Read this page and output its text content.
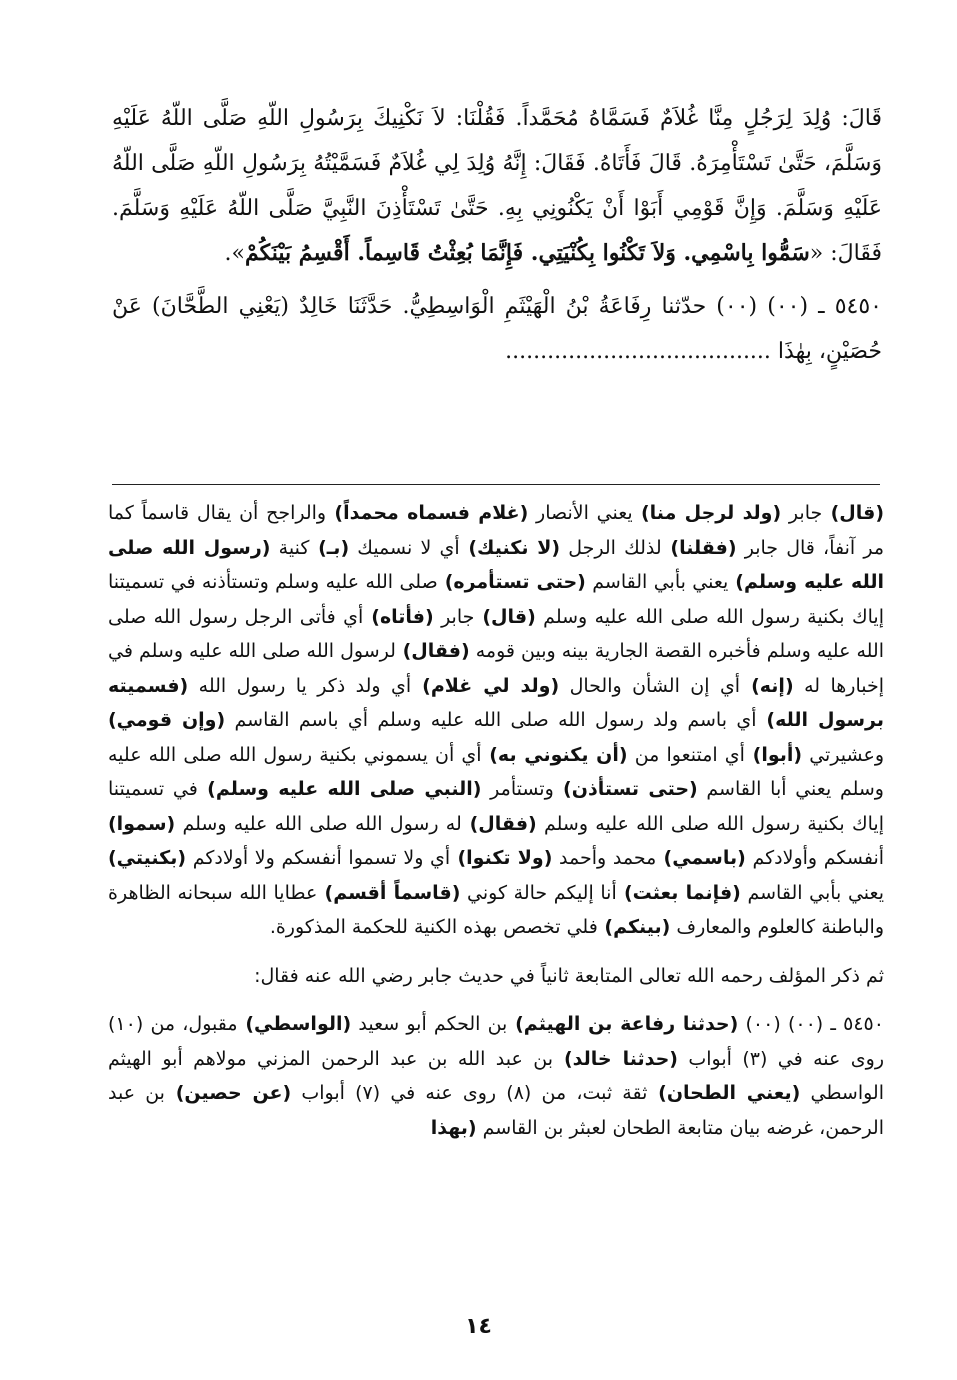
قَالَ: وُلِدَ لِرَجُلٍ مِنَّا غُلاَمٌ فَسَمَّاهُ مُحَمَّداً. فَقُلْنَا: لاَ نَكْنِيكَ بِرَسُولِ اللّهِ صَلَّى اللّهُ عَلَيْهِ وَسَلَّمَ، حَتَّىٰ تَسْتَأْمِرَهُ. قَالَ فَأَتَاهُ. فَقَالَ: إِنَّهُ وُلِدَ لِي غُلاَمٌ فَسَمَّيْتُهُ بِرَسُولِ اللّهِ صَلَّى اللّهُ عَلَيْهِ وَسَلَّمَ. وَإِنَّ قَوْمِي أَبَوْا أَنْ يَكْنُونِي بِهِ. حَتَّىٰ تَسْتَأْذِنَ النَّبِيَّ صَلَّى اللّهُ عَلَيْهِ وَسَلَّمَ. فَقَالَ: «سَمُّوا بِاسْمِي. وَلاَ تَكْنُوا بِكُنْيَتِي. فَإِنَّمَا بُعِثْتُ قَاسِماً. أَقْسِمُ بَيْنَكُمْ».

٥٤٥٠ ـ (٠٠) (٠٠) حدّثنا رِفَاعَةُ بْنُ الْهَيْثَمِ الْوَاسِطِيُّ. حَدَّثَنَا خَالِدٌ (يَعْنِي الطَّحَّانَ) عَنْ حُصَيْنٍ، بِهٰذَا ......................................

(قال) جابر (ولد لرجل منا) يعني الأنصار (غلام فسماه محمداً) والراجح أن يقال قاسماً كما مر آنفاً، قال جابر (فقلنا) لذلك الرجل (لا نكنيك) أي لا نسميك (بـ) كنية (رسول الله صلى الله عليه وسلم) يعني بأبي القاسم (حتى تستأمره) صلى الله عليه وسلم وتستأذنه في تسميتنا إياك بكنية رسول الله صلى الله عليه وسلم (قال) جابر (فأتاه) أي فأتى الرجل رسول الله صلى الله عليه وسلم فأخبره القصة الجارية بينه وبين قومه (فقال) لرسول الله صلى الله عليه وسلم في إخبارها له (إنه) أي إن الشأن والحال (ولد لي غلام) أي ولد ذكر يا رسول الله (فسميته برسول الله) أي باسم ولد رسول الله صلى الله عليه وسلم أي باسم القاسم (وإن قومي) وعشيرتي (أبوا) أي امتنعوا من (أن يكنوني به) أي أن يسموني بكنية رسول الله صلى الله عليه وسلم يعني أبا القاسم (حتى تستأذن) وتستأمر (النبي صلى الله عليه وسلم) في تسميتنا إياك بكنية رسول الله صلى الله عليه وسلم (فقال) له رسول الله صلى الله عليه وسلم (سموا) أنفسكم وأولادكم (باسمي) محمد وأحمد (ولا تكنوا) أي ولا تسموا أنفسكم ولا أولادكم (بكنيتي) يعني بأبي القاسم (فإنما بعثت) أنا إليكم حالة كوني (قاسماً أقسم) عطايا الله سبحانه الظاهرة والباطنة كالعلوم والمعارف (بينكم) فلي تخصص بهذه الكنية للحكمة المذكورة.

ثم ذكر المؤلف رحمه الله تعالى المتابعة ثانياً في حديث جابر رضي الله عنه فقال:

٥٤٥٠ ـ (٠٠) (٠٠) (حدثنا رفاعة بن الهيثم) بن الحكم أبو سعيد (الواسطي) مقبول، من (١٠) روى عنه في (٣) أبواب (حدثنا خالد) بن عبد الله بن عبد الرحمن المزني مولاهم أبو الهيثم الواسطي (يعني الطحان) ثقة ثبت، من (٨) روى عنه في (٧) أبواب (عن حصين) بن عبد الرحمن، غرضه بيان متابعة الطحان لعبثر بن القاسم (بهذا

١٤
